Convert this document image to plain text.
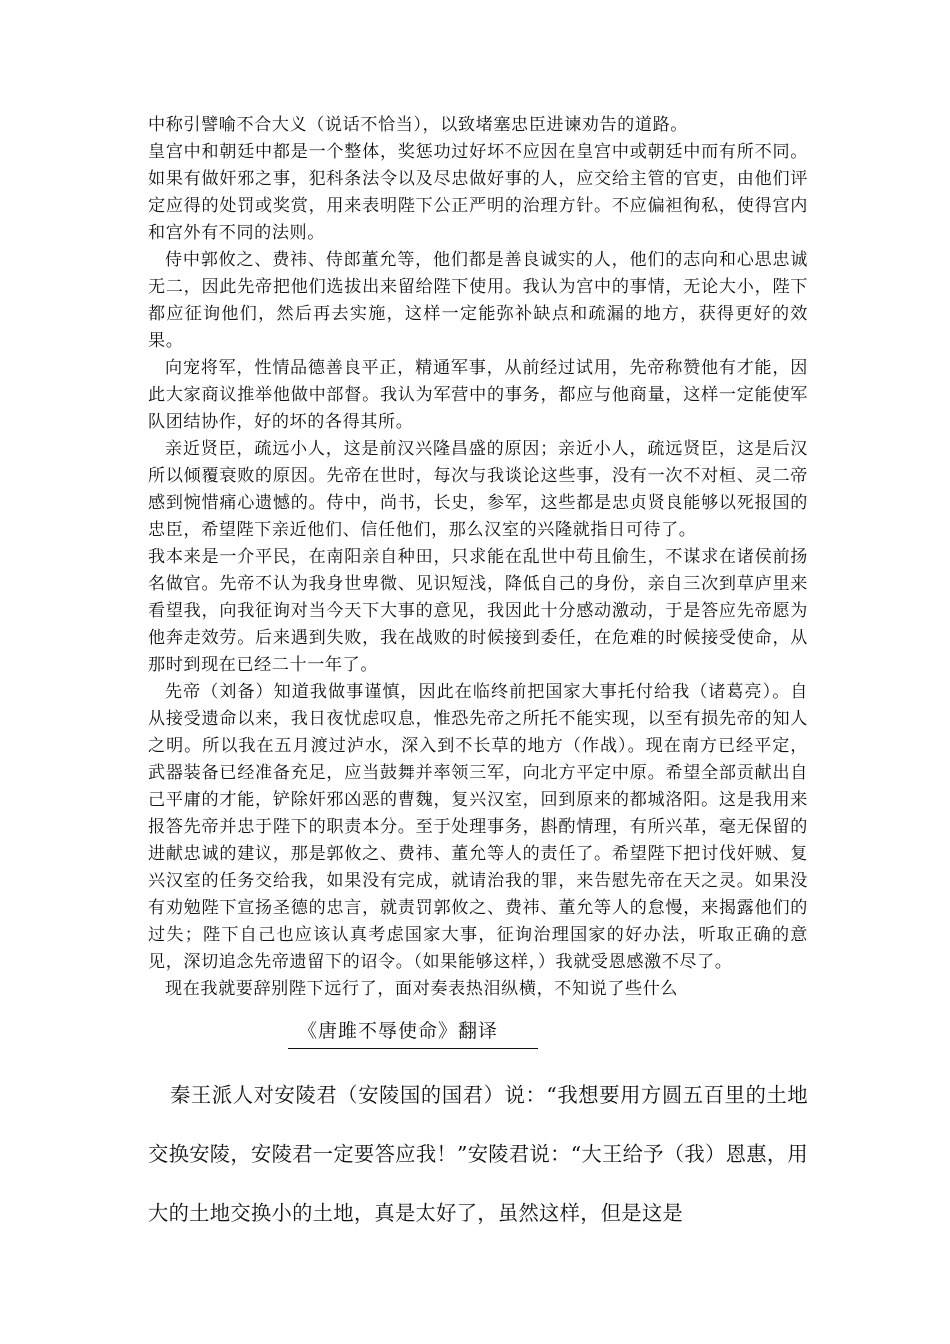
中称引譬喻不合大义（说话不恰当），以致堵塞忠臣进谏劝告的道路。

皇宫中和朝廷中都是一个整体，奖惩功过好坏不应因在皇宫中或朝廷中而有所不同。如果有做奸邪之事，犯科条法令以及尽忠做好事的人，应交给主管的官吏，由他们评定应得的处罚或奖赏，用来表明陛下公正严明的治理方针。不应偏袒徇私，使得宫内和宫外有不同的法则。

侍中郭攸之、费祎、侍郎董允等，他们都是善良诚实的人，他们的志向和心思忠诚无二，因此先帝把他们选拔出来留给陛下使用。我认为宫中的事情，无论大小，陛下都应征询他们，然后再去实施，这样一定能弥补缺点和疏漏的地方，获得更好的效果。

向宠将军，性情品德善良平正，精通军事，从前经过试用，先帝称赞他有才能，因此大家商议推举他做中部督。我认为军营中的事务，都应与他商量，这样一定能使军队团结协作，好的坏的各得其所。

亲近贤臣，疏远小人，这是前汉兴隆昌盛的原因；亲近小人，疏远贤臣，这是后汉所以倾覆衰败的原因。先帝在世时，每次与我谈论这些事，没有一次不对桓、灵二帝感到惋惜痛心遗憾的。侍中，尚书，长史，参军，这些都是忠贞贤良能够以死报国的忠臣，希望陛下亲近他们、信任他们，那么汉室的兴隆就指日可待了。

我本来是一介平民，在南阳亲自种田，只求能在乱世中苟且偷生，不谋求在诸侯前扬名做官。先帝不认为我身世卑微、见识短浅，降低自己的身份，亲自三次到草庐里来看望我，向我征询对当今天下大事的意见，我因此十分感动激动，于是答应先帝愿为他奔走效劳。后来遇到失败，我在战败的时候接到委任，在危难的时候接受使命，从那时到现在已经二十一年了。

先帝（刘备）知道我做事谨慎，因此在临终前把国家大事托付给我（诸葛亮）。自从接受遗命以来，我日夜忧虑叹息，惟恐先帝之所托不能实现，以至有损先帝的知人之明。所以我在五月渡过泸水，深入到不长草的地方（作战）。现在南方已经平定，武器装备已经准备充足，应当鼓舞并率领三军，向北方平定中原。希望全部贡献出自己平庸的才能，铲除奸邪凶恶的曹魏，复兴汉室，回到原来的都城洛阳。这是我用来报答先帝并忠于陛下的职责本分。至于处理事务，斟酌情理，有所兴革，毫无保留的进献忠诚的建议，那是郭攸之、费祎、董允等人的责任了。希望陛下把讨伐奸贼、复兴汉室的任务交给我，如果没有完成，就请治我的罪，来告慰先帝在天之灵。如果没有劝勉陛下宣扬圣德的忠言，就责罚郭攸之、费祎、董允等人的怠慢，来揭露他们的过失；陛下自己也应该认真考虑国家大事，征询治理国家的好办法，听取正确的意见，深切追念先帝遗留下的诏令。（如果能够这样，）我就受恩感激不尽了。

现在我就要辞别陛下远行了，面对奏表热泪纵横，不知说了些什么

《唐雎不辱使命》翻译

秦王派人对安陵君（安陵国的国君）说：“我想要用方圆五百里的土地交换安陵，安陵君一定要答应我！”安陵君说：“大王给予（我）恩惠，用大的土地交换小的土地，真是太好了，虽然这样，但是这是
